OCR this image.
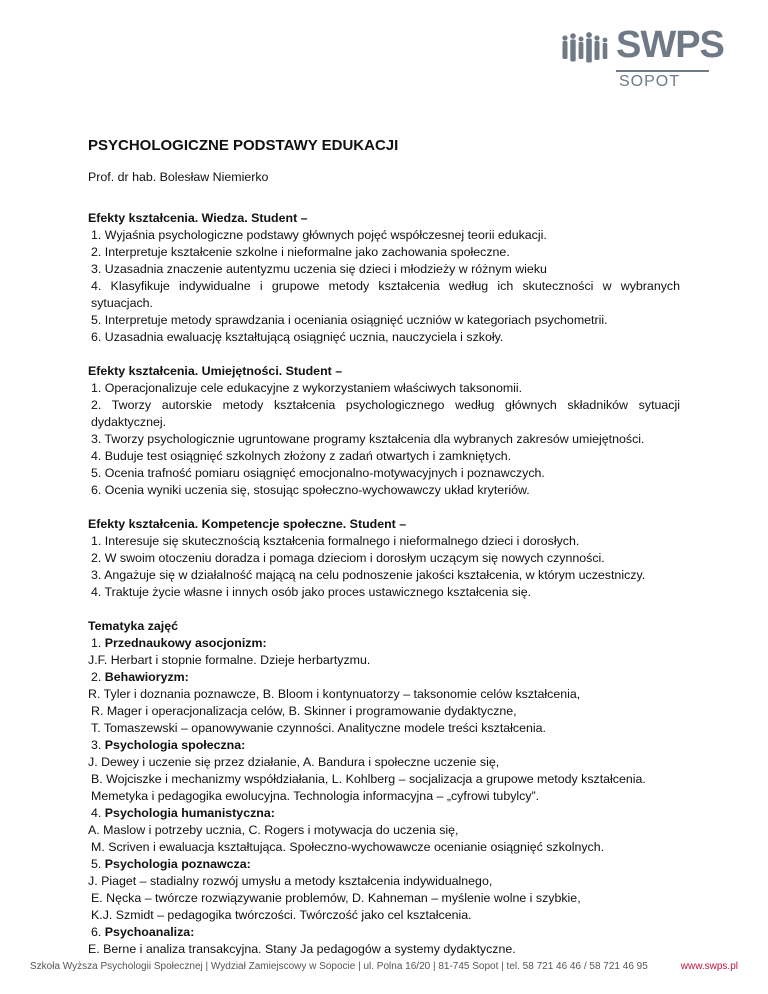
SWPS
SOPOT
PSYCHOLOGICZNE PODSTAWY EDUKACJI
Prof. dr hab. Bolesław Niemierko
Efekty kształcenia. Wiedza. Student –
1. Wyjaśnia psychologiczne podstawy głównych pojęć współczesnej teorii edukacji.
2. Interpretuje kształcenie szkolne i nieformalne jako zachowania społeczne.
3. Uzasadnia znaczenie autentyzmu uczenia się dzieci i młodzieży w różnym wieku
4. Klasyfikuje indywidualne i grupowe metody kształcenia według ich skuteczności w wybranych sytuacjach.
5. Interpretuje metody sprawdzania i oceniania osiągnięć uczniów w kategoriach psychometrii.
6. Uzasadnia ewaluację kształtującą osiągnięć ucznia, nauczyciela i szkoły.
Efekty kształcenia. Umiejętności. Student –
1. Operacjonalizuje cele edukacyjne z wykorzystaniem właściwych taksonomii.
2. Tworzy autorskie metody kształcenia psychologicznego według głównych składników sytuacji dydaktycznej.
3. Tworzy psychologicznie ugruntowane programy kształcenia dla wybranych zakresów umiejętności.
4. Buduje test osiągnięć szkolnych złożony z zadań otwartych i zamkniętych.
5. Ocenia trafność pomiaru osiągnięć emocjonalno-motywacyjnych i poznawczych.
6. Ocenia wyniki uczenia się, stosując społeczno-wychowawczy układ kryteriów.
Efekty kształcenia. Kompetencje społeczne. Student –
1. Interesuje się skutecznością kształcenia formalnego i nieformalnego dzieci i dorosłych.
2. W swoim otoczeniu doradza i pomaga dzieciom i dorosłym uczącym się nowych czynności.
3. Angażuje się w działalność mającą na celu podnoszenie jakości kształcenia, w którym uczestniczy.
4. Traktuje życie własne i innych osób jako proces ustawicznego kształcenia się.
Tematyka zajęć
1. Przednaukowy asocjonizm:
J.F. Herbart i stopnie formalne. Dzieje herbartyzmu.
2. Behawioryzm:
R. Tyler i doznania poznawcze, B. Bloom i kontynuatorzy – taksonomie celów kształcenia,
R. Mager i operacjonalizacja celów, B. Skinner i programowanie dydaktyczne,
T. Tomaszewski – opanowywanie czynności. Analityczne modele treści kształcenia.
3. Psychologia społeczna:
J. Dewey i uczenie się przez działanie, A. Bandura i społeczne uczenie się,
B. Wojciszke i mechanizmy współdziałania, L. Kohlberg – socjalizacja a grupowe metody kształcenia.
Memetyka i pedagogika ewolucyjna. Technologia informacyjna – „cyfrowi tubylcy”.
4. Psychologia humanistyczna:
A. Maslow i potrzeby ucznia, C. Rogers i motywacja do uczenia się,
M. Scriven i ewaluacja kształtująca. Społeczno-wychowawcze ocenianie osiągnięć szkolnych.
5. Psychologia poznawcza:
J. Piaget – stadialny rozwój umysłu a metody kształcenia indywidualnego,
E. Nęcka – twórcze rozwiązywanie problemów, D. Kahneman – myślenie wolne i szybkie,
K.J. Szmidt – pedagogika twórczości. Twórczość jako cel kształcenia.
6. Psychoanaliza:
E. Berne i analiza transakcyjna. Stany Ja pedagogów a systemy dydaktyczne.
Szkoła Wyższa Psychologii Społecznej | Wydział Zamiejscowy w Sopocie | ul. Polna 16/20 | 81-745 Sopot | tel. 58 721 46 46 / 58 721 46 95	www.swps.pl
